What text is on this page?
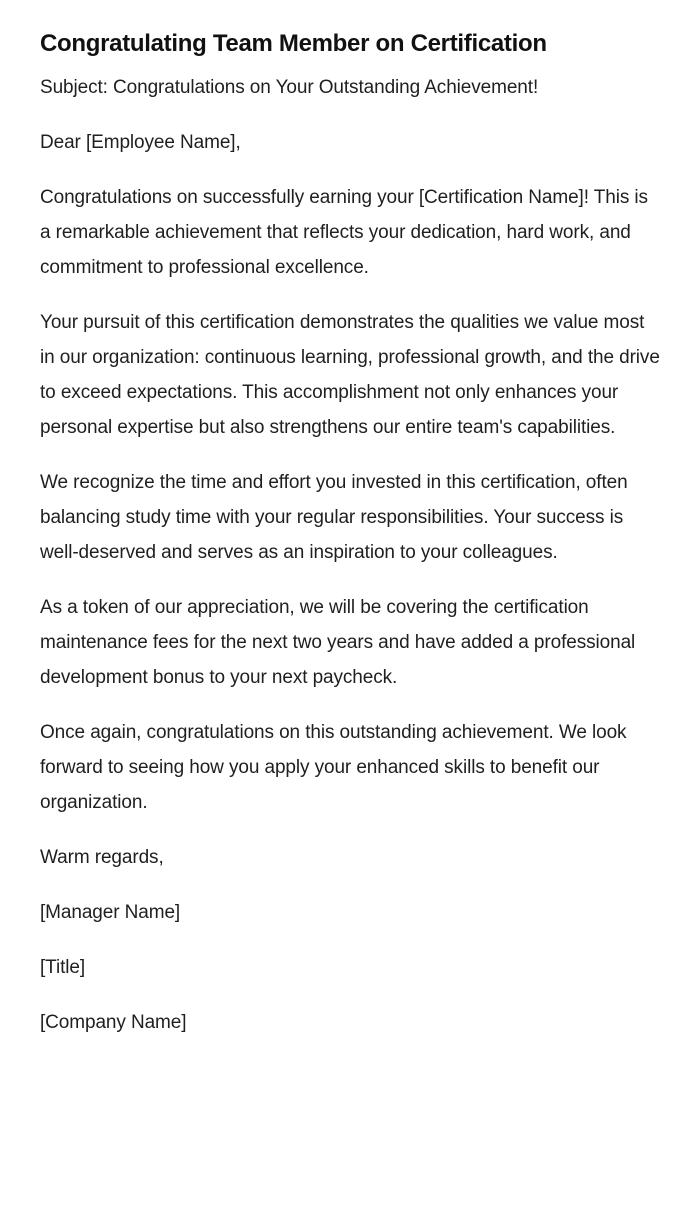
Congratulating Team Member on Certification

Subject: Congratulations on Your Outstanding Achievement!

Dear [Employee Name],

Congratulations on successfully earning your [Certification Name]! This is a remarkable achievement that reflects your dedication, hard work, and commitment to professional excellence.

Your pursuit of this certification demonstrates the qualities we value most in our organization: continuous learning, professional growth, and the drive to exceed expectations. This accomplishment not only enhances your personal expertise but also strengthens our entire team's capabilities.

We recognize the time and effort you invested in this certification, often balancing study time with your regular responsibilities. Your success is well-deserved and serves as an inspiration to your colleagues.

As a token of our appreciation, we will be covering the certification maintenance fees for the next two years and have added a professional development bonus to your next paycheck.

Once again, congratulations on this outstanding achievement. We look forward to seeing how you apply your enhanced skills to benefit our organization.

Warm regards,

[Manager Name]

[Title]

[Company Name]
